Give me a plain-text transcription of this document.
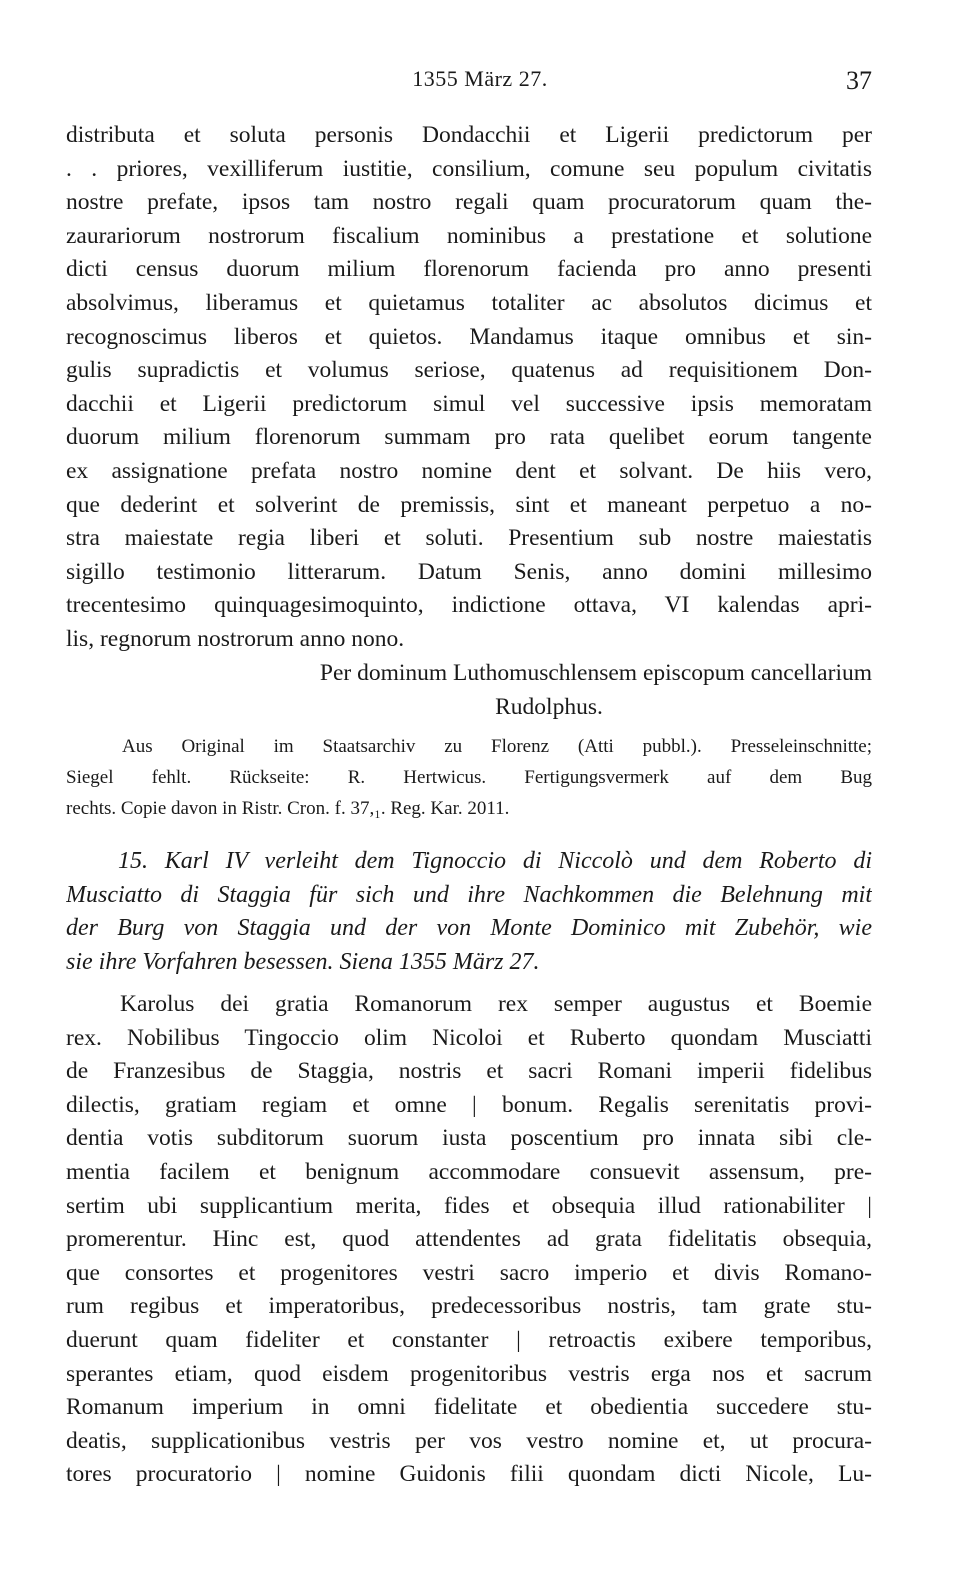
1355 März 27.	37
distributa et soluta personis Dondacchii et Ligerii predictorum per
. . priores, vexilliferum iustitie, consilium, comune seu populum civitatis
nostre prefate, ipsos tam nostro regali quam procuratorum quam the-
zaurariorum nostrorum fiscalium nominibus a prestatione et solutione
dicti census duorum milium florenorum facienda pro anno presenti
absolvimus, liberamus et quietamus totaliter ac absolutos dicimus et
recognoscimus liberos et quietos. Mandamus itaque omnibus et sin-
gulis supradictis et volumus seriose, quatenus ad requisitionem Don-
dacchii et Ligerii predictorum simul vel successive ipsis memoratam
duorum milium florenorum summam pro rata quelibet eorum tangente
ex assignatione prefata nostro nomine dent et solvant. De hiis vero,
que dederint et solverint de premissis, sint et maneant perpetuo a no-
stra maiestate regia liberi et soluti. Presentium sub nostre maiestatis
sigillo testimonio litterarum. Datum Senis, anno domini millesimo
trecentesimo quinquagesimoquinto, indictione ottava, VI kalendas apri-
lis, regnorum nostrorum anno nono.
Per dominum Luthomuschlensem episcopum cancellarium
Rudolphus.
Aus Original im Staatsarchiv zu Florenz (Atti pubbl.). Presseleinschnitte;
Siegel fehlt. Rückseite: R. Hertwicus. Fertigungsvermerk auf dem Bug
rechts. Copie davon in Ristr. Cron. f. 37,₁. Reg. Kar. 2011.
15. Karl IV verleiht dem Tignoccio di Niccolò und dem Roberto di
Musciatto di Staggia für sich und ihre Nachkommen die Belehnung mit
der Burg von Staggia und der von Monte Dominico mit Zubehör, wie
sie ihre Vorfahren besessen. Siena 1355 März 27.
Karolus dei gratia Romanorum rex semper augustus et Boemie
rex. Nobilibus Tingoccio olim Nicoloi et Ruberto quondam Musciatti
de Franzesibus de Staggia, nostris et sacri Romani imperii fidelibus
dilectis, gratiam regiam et omne | bonum. Regalis serenitatis provi-
dentia votis subditorum suorum iusta poscentium pro innata sibi cle-
mentia facilem et benignum accommodare consuevit assensum, pre-
sertim ubi supplicantium merita, fides et obsequia illud rationabiliter |
promerentur. Hinc est, quod attendentes ad grata fidelitatis obsequia,
que consortes et progenitores vestri sacro imperio et divis Romano-
rum regibus et imperatoribus, predecessoribus nostris, tam grate stu-
duerunt quam fideliter et constanter | retroactis exibere temporibus,
sperantes etiam, quod eisdem progenitoribus vestris erga nos et sacrum
Romanum imperium in omni fidelitate et obedientia succedere stu-
deatis, supplicationibus vestris per vos vestro nomine et, ut procura-
tores procuratorio | nomine Guidonis filii quondam dicti Nicole, Lu-
